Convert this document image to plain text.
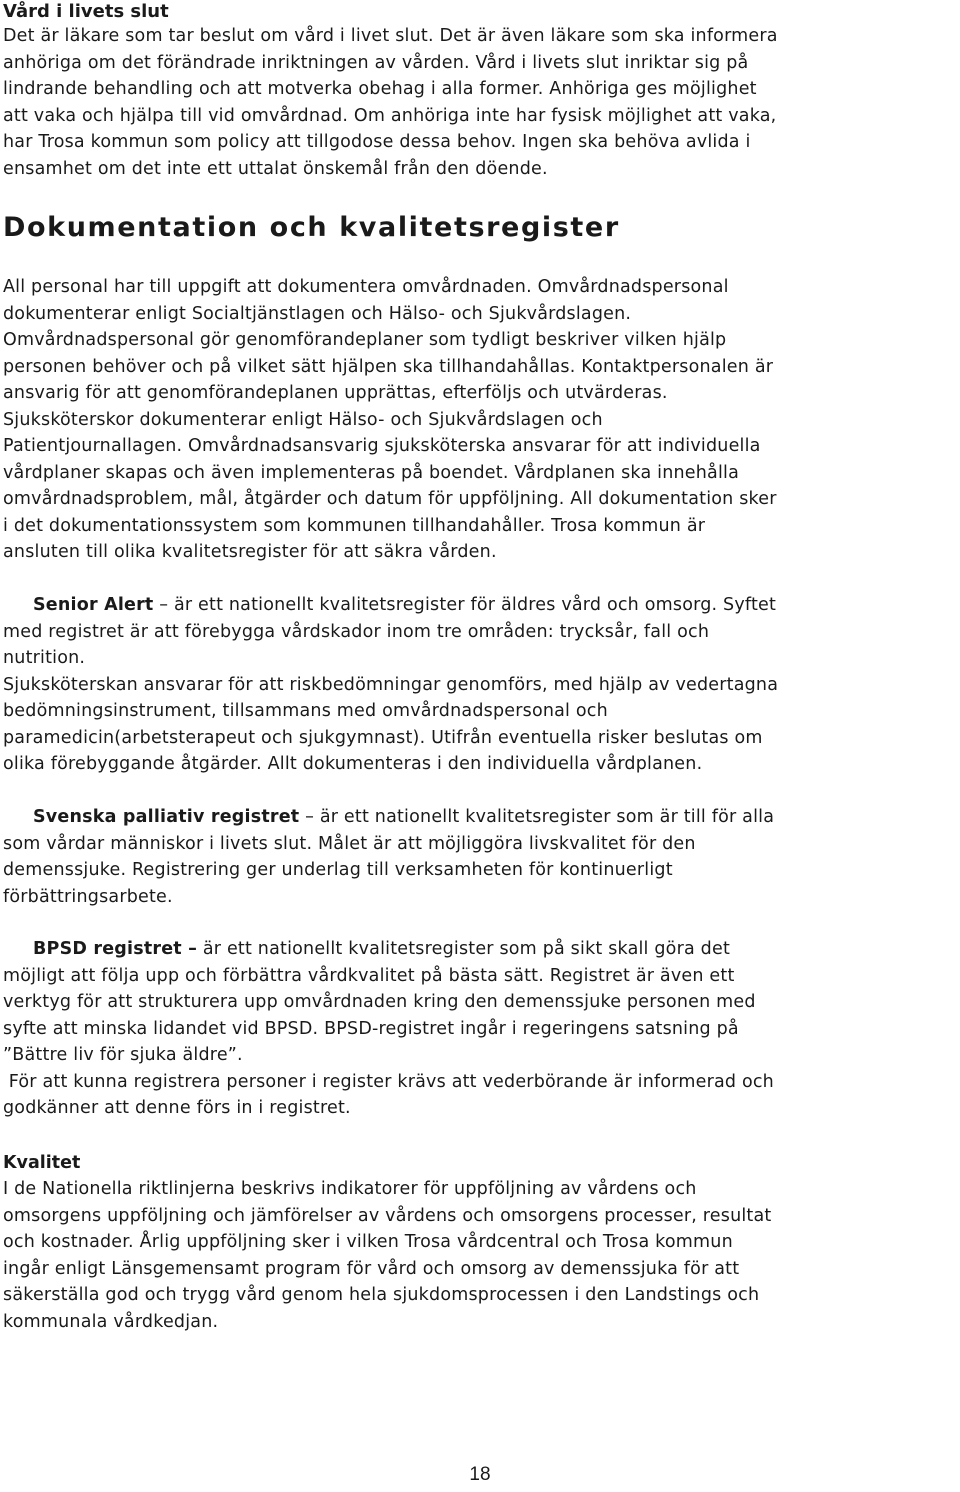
Vård i livets slut

Det är läkare som tar beslut om vård i livet slut. Det är även läkare som ska informera

anhöriga om det förändrade inriktningen av vården. Vård i livets slut inriktar sig på

lindrande behandling och att motverka obehag i alla former. Anhöriga ges möjlighet

att vaka och hjälpa till vid omvårdnad. Om anhöriga inte har fysisk möjlighet att vaka,

har Trosa kommun som policy att tillgodose dessa behov. Ingen ska behöva avlida i

ensamhet om det inte ett uttalat önskemål från den döende.

Dokumentation och kvalitetsregister

All personal har till uppgift att dokumentera omvårdnaden. Omvårdnadspersonal

dokumenterar enligt Socialtjänstlagen och Hälso- och Sjukvårdslagen.

Omvårdnadspersonal gör genomförandeplaner som tydligt beskriver vilken hjälp

personen behöver och på vilket sätt hjälpen ska tillhandahållas. Kontaktpersonalen är

ansvarig för att genomförandeplanen upprättas, efterföljs och utvärderas.

Sjuksköterskor dokumenterar enligt Hälso- och Sjukvårdslagen och

Patientjournallagen. Omvårdnadsansvarig sjuksköterska ansvarar för att individuella

vårdplaner skapas och även implementeras på boendet. Vårdplanen ska innehålla

omvårdnadsproblem, mål, åtgärder och datum för uppföljning. All dokumentation sker

i det dokumentationssystem som kommunen tillhandahåller. Trosa kommun är

ansluten till olika kvalitetsregister för att säkra vården.

Senior Alert – är ett nationellt kvalitetsregister för äldres vård och omsorg. Syftet

med registret är att förebygga vårdskador inom tre områden: trycksår, fall och

nutrition.

Sjuksköterskan ansvarar för att riskbedömningar genomförs, med hjälp av vedertagna

bedömningsinstrument, tillsammans med omvårdnadspersonal och

paramedicin(arbetsterapeut och sjukgymnast). Utifrån eventuella risker beslutas om

olika förebyggande åtgärder. Allt dokumenteras i den individuella vårdplanen.

Svenska palliativ registret – är ett nationellt kvalitetsregister som är till för alla

som vårdar människor i livets slut. Målet är att möjliggöra livskvalitet för den

demenssjuke. Registrering ger underlag till verksamheten för kontinuerligt

förbättringsarbete.

BPSD registret – är ett nationellt kvalitetsregister som på sikt skall göra det

möjligt att följa upp och förbättra vårdkvalitet på bästa sätt. Registret är även ett

verktyg för att strukturera upp omvårdnaden kring den demenssjuke personen med

syfte att minska lidandet vid BPSD. BPSD-registret ingår i regeringens satsning på

”Bättre liv för sjuka äldre”.

För att kunna registrera personer i register krävs att vederbörande är informerad och

godkänner att denne förs in i registret.

Kvalitet

I de Nationella riktlinjerna beskrivs indikatorer för uppföljning av vårdens och

omsorgens uppföljning och jämförelser av vårdens och omsorgens processer, resultat

och kostnader. Årlig uppföljning sker i vilken Trosa vårdcentral och Trosa kommun

ingår enligt Länsgemensamt program för vård och omsorg av demenssjuka för att

säkerställa god och trygg vård genom hela sjukdomsprocessen i den Landstings och

kommunala vårdkedjan.

18
